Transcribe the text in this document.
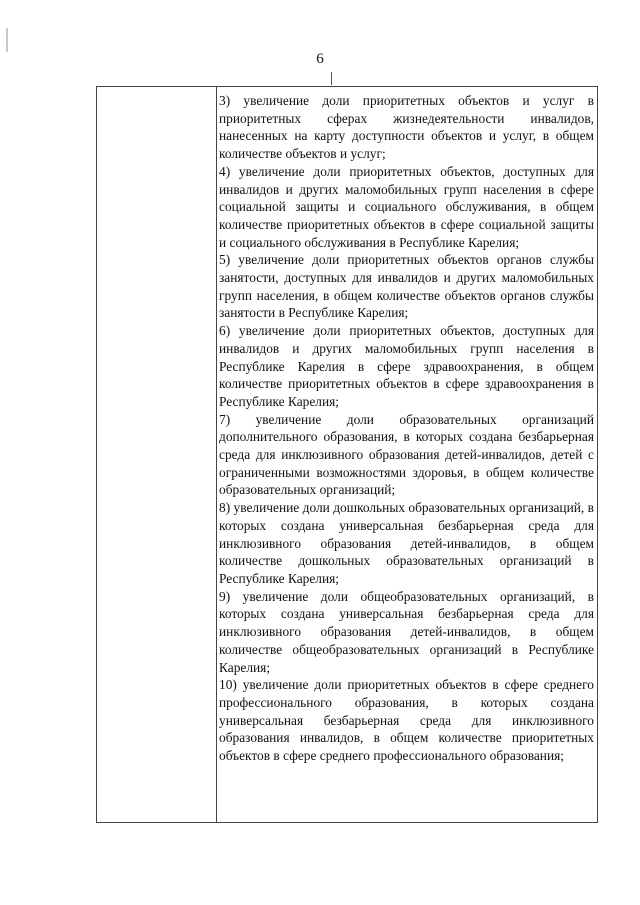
6

3) увеличение доли приоритетных объектов и услуг в приоритетных сферах жизнедеятельности инвалидов, нанесенных на карту доступности объектов и услуг, в общем количестве объектов и услуг;

4) увеличение доли приоритетных объектов, доступных для инвалидов и других маломобильных групп населения в сфере социальной защиты и социального обслуживания, в общем количестве приоритетных объектов в сфере социальной защиты и социального обслуживания в Республике Карелия;

5) увеличение доли приоритетных объектов органов службы занятости, доступных для инвалидов и других маломобильных групп населения, в общем количестве объектов органов службы занятости в Республике Карелия;

6) увеличение доли приоритетных объектов, доступных для инвалидов и других маломобильных групп населения в Республике Карелия в сфере здравоохранения, в общем количестве приоритетных объектов в сфере здравоохранения в Республике Карелия;

7) увеличение доли образовательных организаций дополнительного образования, в которых создана безбарьерная среда для инклюзивного образования детей-инвалидов, детей с ограниченными возможностями здоровья, в общем количестве образовательных организаций;

8) увеличение доли дошкольных образовательных организаций, в которых создана универсальная безбарьерная среда для инклюзивного образования детей-инвалидов, в общем количестве дошкольных образовательных организаций в Республике Карелия;

9) увеличение доли общеобразовательных организаций, в которых создана универсальная безбарьерная среда для инклюзивного образования детей-инвалидов, в общем количестве общеобразовательных организаций в Республике Карелия;

10) увеличение доли приоритетных объектов в сфере среднего профессионального образования, в которых создана универсальная безбарьерная среда для инклюзивного образования инвалидов, в общем количестве приоритетных объектов в сфере среднего профессионального образования;
